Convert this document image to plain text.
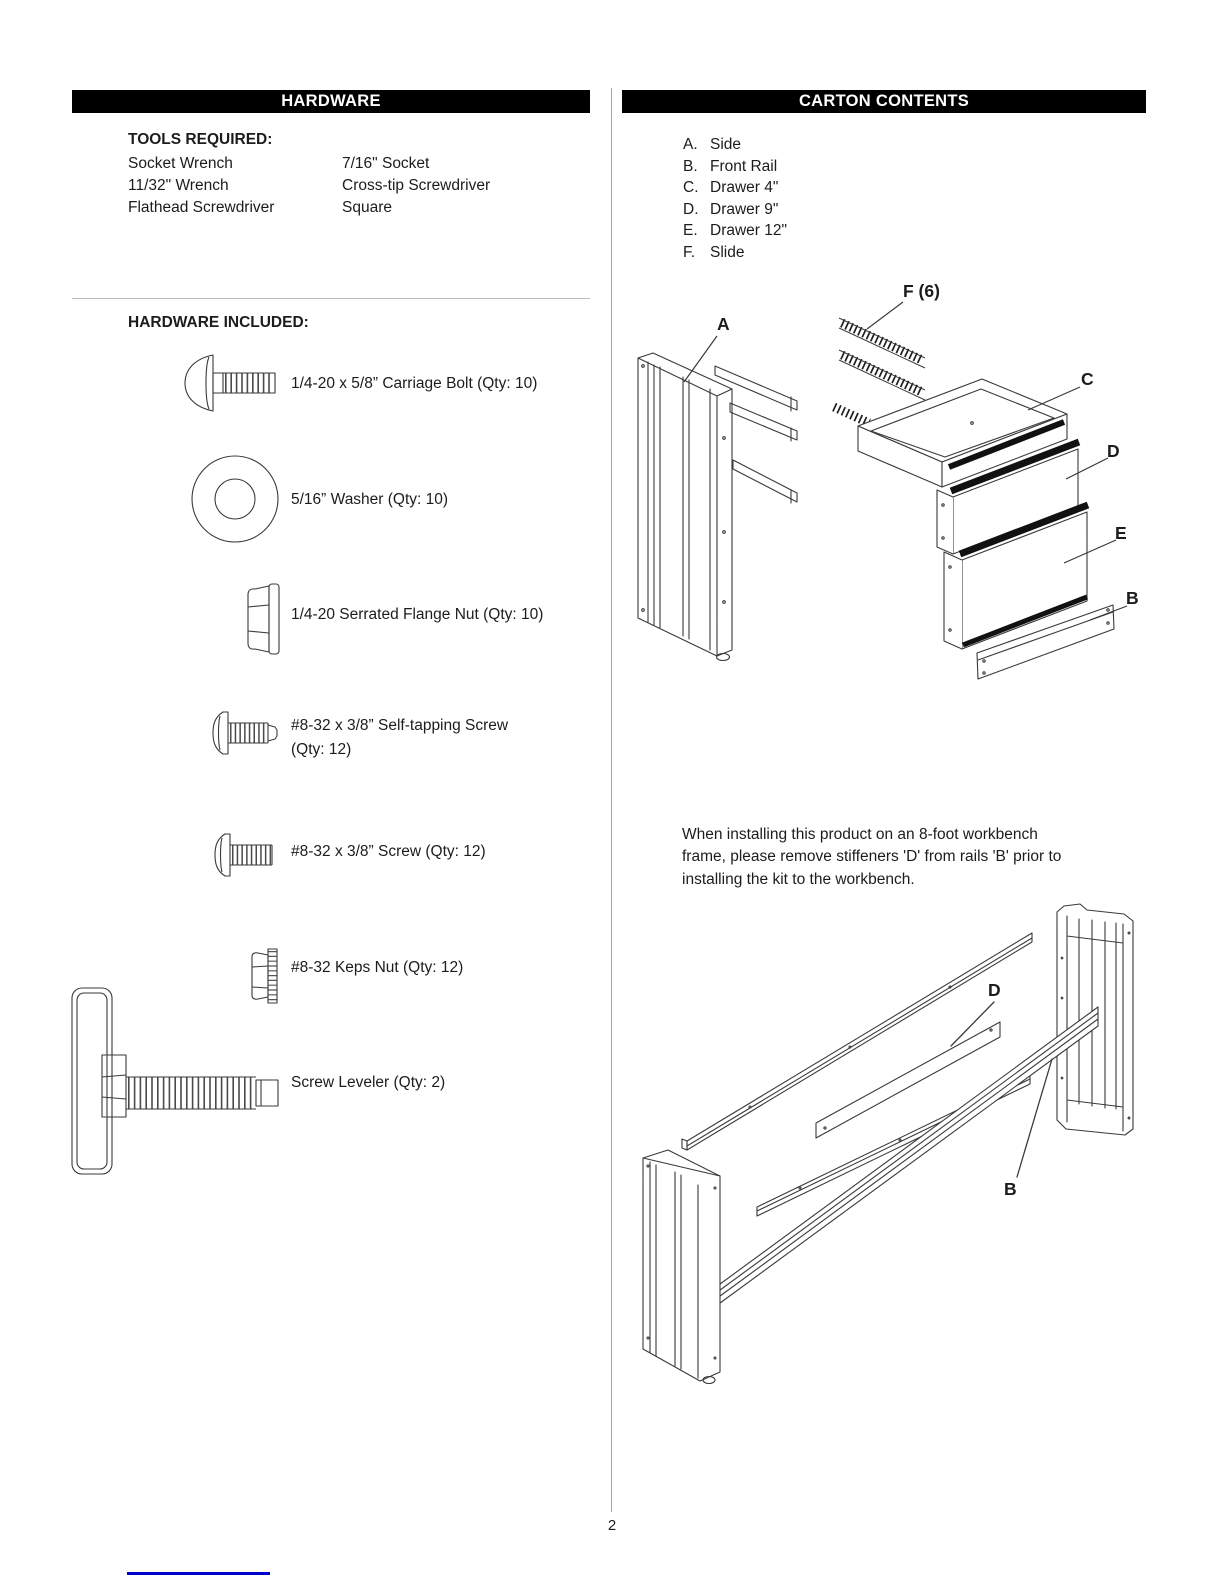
HARDWARE
TOOLS REQUIRED:
Socket Wrench	7/16" Socket
11/32" Wrench	Cross-tip Screwdriver
Flathead Screwdriver	Square
HARDWARE INCLUDED:
1/4-20 x 5/8” Carriage Bolt (Qty: 10)
5/16” Washer (Qty: 10)
1/4-20 Serrated Flange Nut (Qty: 10)
#8-32 x 3/8” Self-tapping Screw
(Qty: 12)
#8-32 x 3/8” Screw (Qty: 12)
#8-32 Keps Nut (Qty: 12)
Screw Leveler (Qty: 2)
CARTON CONTENTS
A. Side
B. Front Rail
C. Drawer 4"
D. Drawer 9"
E. Drawer 12"
F. Slide
F (6)
A
C
D
E
B
When installing this product on an 8-foot workbench
frame, please remove stiffeners 'D' from rails 'B' prior to
installing the kit to the workbench.
D
B
2
